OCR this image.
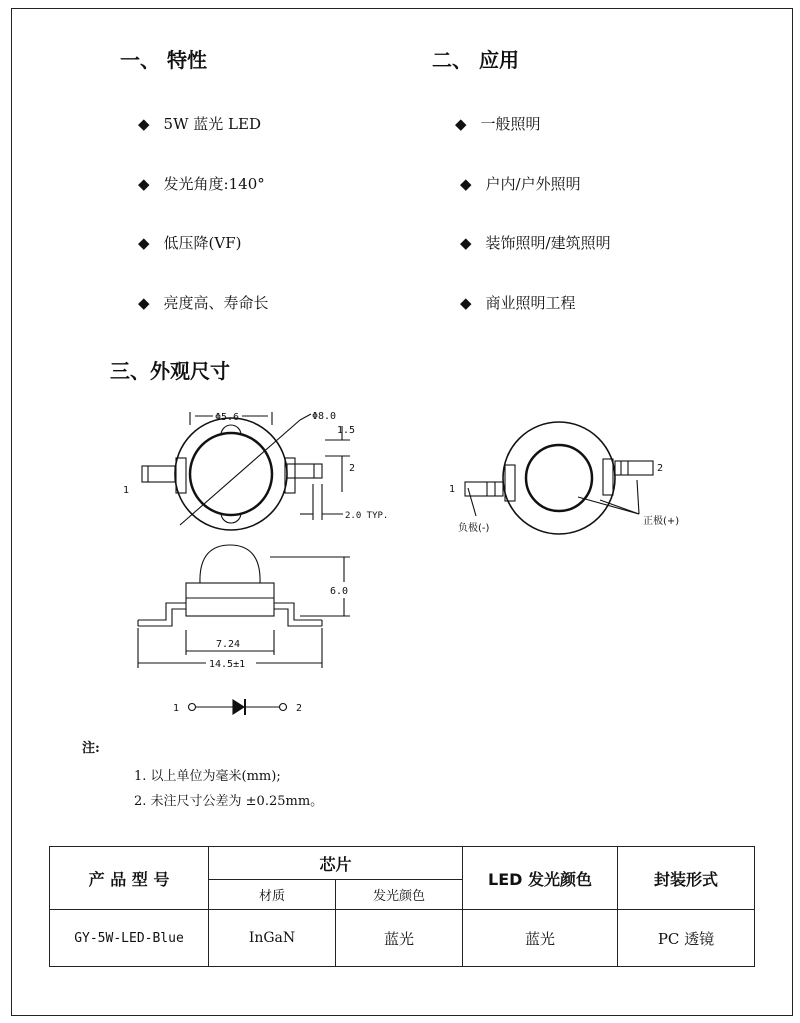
一、 特性	二、 应用
◆ 5W 蓝光 LED
◆ 发光角度:140°
◆ 低压降(VF)
◆ 亮度高、寿命长
◆ 一般照明
◆ 户内/户外照明
◆ 装饰照明/建筑照明
◆ 商业照明工程
三、外观尺寸
Φ5.6	Φ8.0
1.5
2
1
2.0 TYP.
6.0
7.24
14.5±1
1
2
负极(-)
正极(+)
1	2
注:
1. 以上单位为毫米(mm);
2. 未注尺寸公差为 ±0.25mm。
产 品 型 号	芯片		LED 发光颜色	封装形式
	材质	发光颜色		
GY-5W-LED-Blue	InGaN	蓝光	蓝光	PC 透镜
